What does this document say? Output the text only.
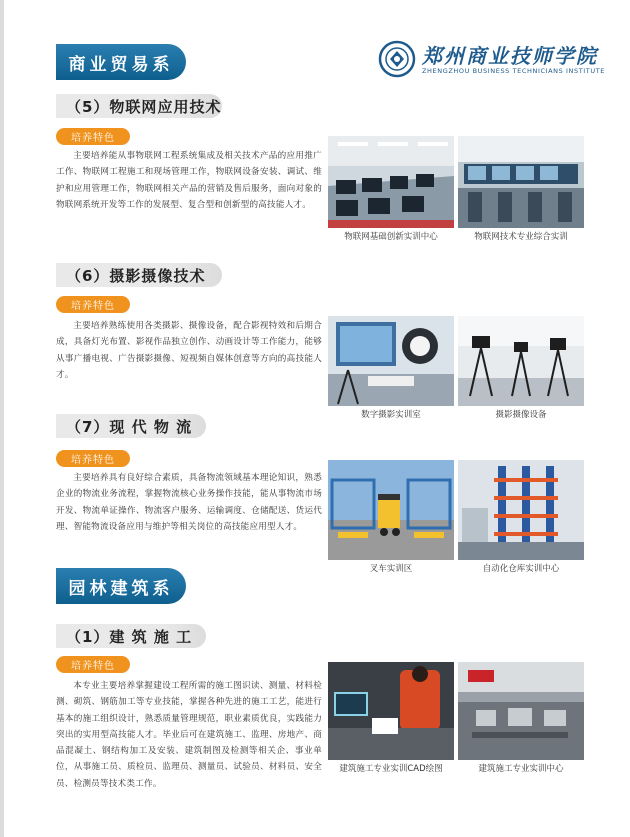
商业贸易系	郑州商业技师学院
ZHENGZHOU BUSINESS TECHNICIANS INSTITUTE
（5）物联网应用技术
培养特色
主要培养能从事物联网工程系统集成及相关技术产品的应用推广工作、物联网工程施工和现场管理工作，物联网设备安装、调试、维护和应用管理工作，物联网相关产品的营销及售后服务，面向对象的物联网系统开发等工作的发展型、复合型和创新型的高技能人才。
物联网基础创新实训中心	物联网技术专业综合实训
（6）摄影摄像技术
培养特色
主要培养熟练使用各类摄影、摄像设备，配合影视特效和后期合成，具备灯光布置、影视作品独立创作、动画设计等工作能力，能够从事广播电视、广告摄影摄像、短视频自媒体创意等方向的高技能人才。
数字摄影实训室	摄影摄像设备
（7）现 代 物 流
培养特色
主要培养具有良好综合素质，具备物流领域基本理论知识，熟悉企业的物流业务流程，掌握物流核心业务操作技能，能从事物流市场开发、物流单证操作、物流客户服务、运输调度、仓储配送、货运代理、智能物流设备应用与维护等相关岗位的高技能应用型人才。
叉车实训区	自动化仓库实训中心
园林建筑系
（1）建 筑 施 工
培养特色
本专业主要培养掌握建设工程所需的施工图识读、测量、材料检测、砌筑、钢筋加工等专业技能，掌握各种先进的施工工艺，能进行基本的施工组织设计，熟悉质量管理规范，职业素质优良，实践能力突出的实用型高技能人才。毕业后可在建筑施工、监理、房地产、商品混凝土、钢结构加工及安装、建筑制图及检测等相关企、事业单位，从事施工员、质检员、监理员、测量员、试验员、材料员、安全员、检测员等技术类工作。
建筑施工专业实训CAD绘图	建筑施工专业实训中心
